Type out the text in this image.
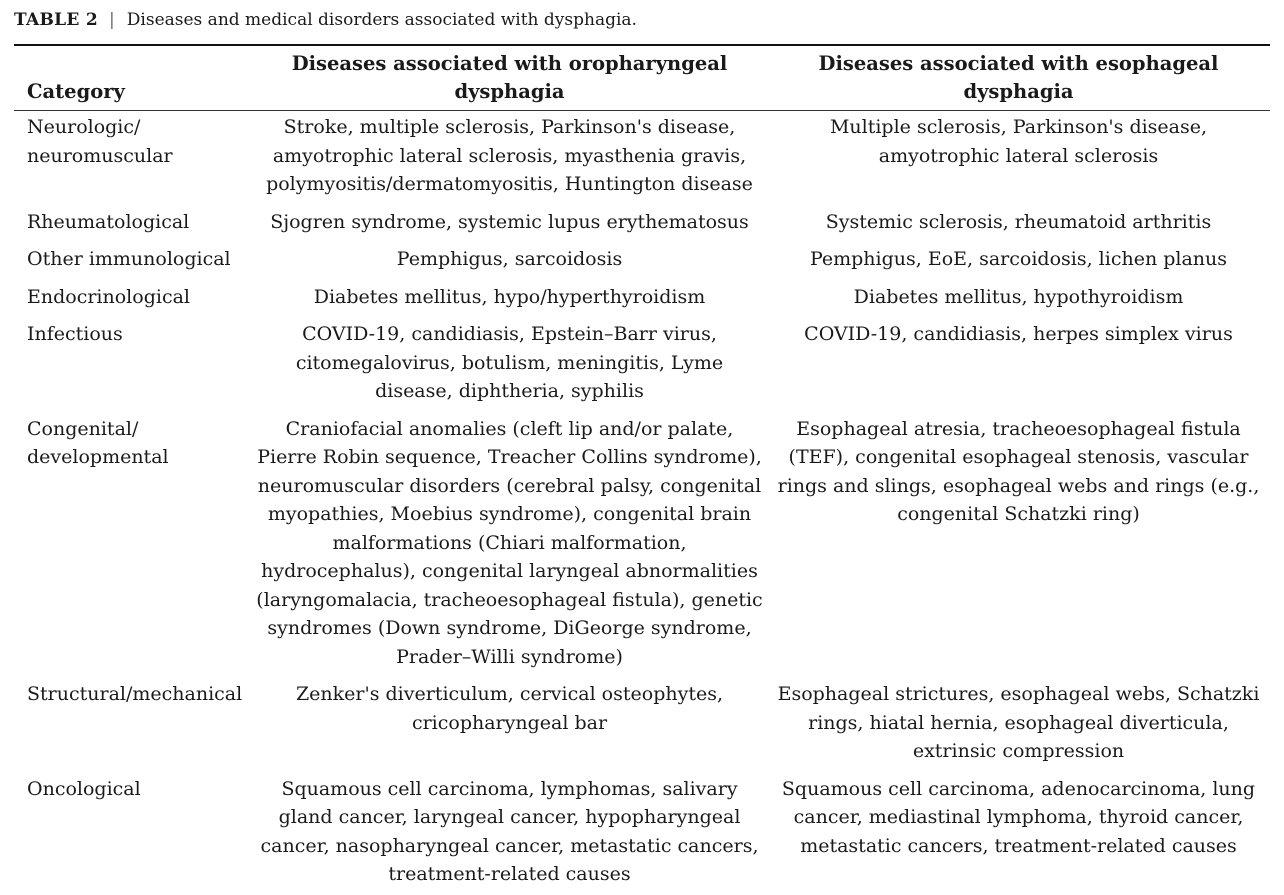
TABLE 2 | Diseases and medical disorders associated with dysphagia.
Category	Diseases associated with oropharyngeal dysphagia	Diseases associated with esophageal dysphagia
Neurologic/ neuromuscular	Stroke, multiple sclerosis, Parkinson's disease, amyotrophic lateral sclerosis, myasthenia gravis, polymyositis/dermatomyositis, Huntington disease	Multiple sclerosis, Parkinson's disease, amyotrophic lateral sclerosis
Rheumatological	Sjogren syndrome, systemic lupus erythematosus	Systemic sclerosis, rheumatoid arthritis
Other immunological	Pemphigus, sarcoidosis	Pemphigus, EoE, sarcoidosis, lichen planus
Endocrinological	Diabetes mellitus, hypo/hyperthyroidism	Diabetes mellitus, hypothyroidism
Infectious	COVID-19, candidiasis, Epstein–Barr virus, citomegalovirus, botulism, meningitis, Lyme disease, diphtheria, syphilis	COVID-19, candidiasis, herpes simplex virus
Congenital/ developmental	Craniofacial anomalies (cleft lip and/or palate, Pierre Robin sequence, Treacher Collins syndrome), neuromuscular disorders (cerebral palsy, congenital myopathies, Moebius syndrome), congenital brain malformations (Chiari malformation, hydrocephalus), congenital laryngeal abnormalities (laryngomalacia, tracheoesophageal fistula), genetic syndromes (Down syndrome, DiGeorge syndrome, Prader–Willi syndrome)	Esophageal atresia, tracheoesophageal fistula (TEF), congenital esophageal stenosis, vascular rings and slings, esophageal webs and rings (e.g., congenital Schatzki ring)
Structural/mechanical	Zenker's diverticulum, cervical osteophytes, cricopharyngeal bar	Esophageal strictures, esophageal webs, Schatzki rings, hiatal hernia, esophageal diverticula, extrinsic compression
Oncological	Squamous cell carcinoma, lymphomas, salivary gland cancer, laryngeal cancer, hypopharyngeal cancer, nasopharyngeal cancer, metastatic cancers, treatment-related causes	Squamous cell carcinoma, adenocarcinoma, lung cancer, mediastinal lymphoma, thyroid cancer, metastatic cancers, treatment-related causes
